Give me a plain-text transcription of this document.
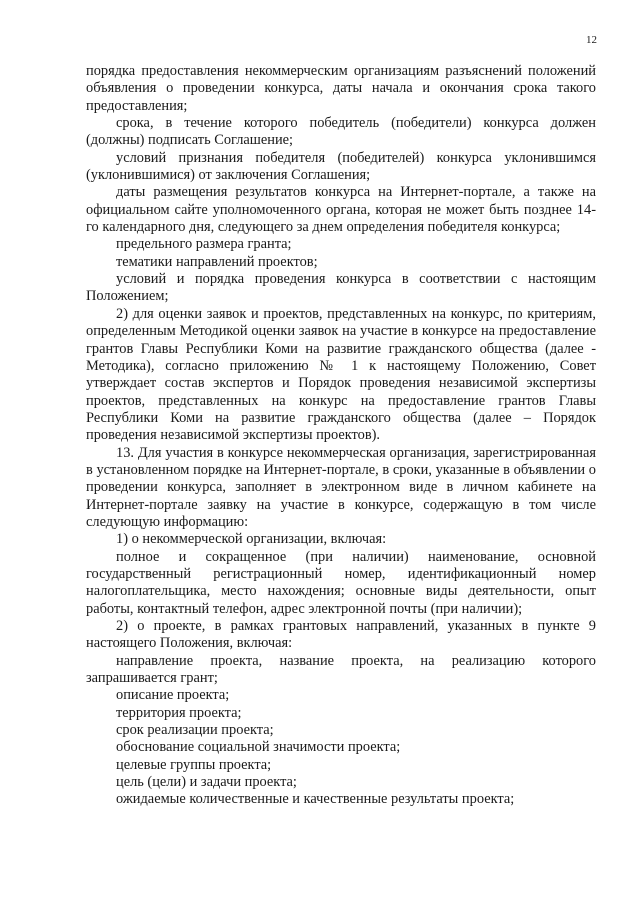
12

порядка предоставления некоммерческим организациям разъяснений положений объявления о проведении конкурса, даты начала и окончания срока такого предоставления;

срока, в течение которого победитель (победители) конкурса должен (должны) подписать Соглашение;

условий признания победителя (победителей) конкурса уклонившимся (уклонившимися) от заключения Соглашения;

даты размещения результатов конкурса на Интернет-портале, а также на официальном сайте уполномоченного органа, которая не может быть позднее 14-го календарного дня, следующего за днем определения победителя конкурса;

предельного размера гранта;

тематики направлений проектов;

условий и порядка проведения конкурса в соответствии с настоящим Положением;

2) для оценки заявок и проектов, представленных на конкурс, по критериям, определенным Методикой оценки заявок на участие в конкурсе на предоставление грантов Главы Республики Коми на развитие гражданского общества (далее - Методика), согласно приложению № 1 к настоящему Положению, Совет утверждает состав экспертов и Порядок проведения независимой экспертизы проектов, представленных на конкурс на предоставление грантов Главы Республики Коми на развитие гражданского общества (далее – Порядок проведения независимой экспертизы проектов).

13. Для участия в конкурсе некоммерческая организация, зарегистрированная в установленном порядке на Интернет-портале, в сроки, указанные в объявлении о проведении конкурса, заполняет в электронном виде в личном кабинете на Интернет-портале заявку на участие в конкурсе, содержащую в том числе следующую информацию:

1) о некоммерческой организации, включая:

полное и сокращенное (при наличии) наименование, основной государственный регистрационный номер, идентификационный номер налогоплательщика, место нахождения; основные виды деятельности, опыт работы, контактный телефон, адрес электронной почты (при наличии);

2) о проекте, в рамках грантовых направлений, указанных в пункте 9 настоящего Положения, включая:

направление проекта, название проекта, на реализацию которого запрашивается грант;

описание проекта;

территория проекта;

срок реализации проекта;

обоснование социальной значимости проекта;

целевые группы проекта;

цель (цели) и задачи проекта;

ожидаемые количественные и качественные результаты проекта;
